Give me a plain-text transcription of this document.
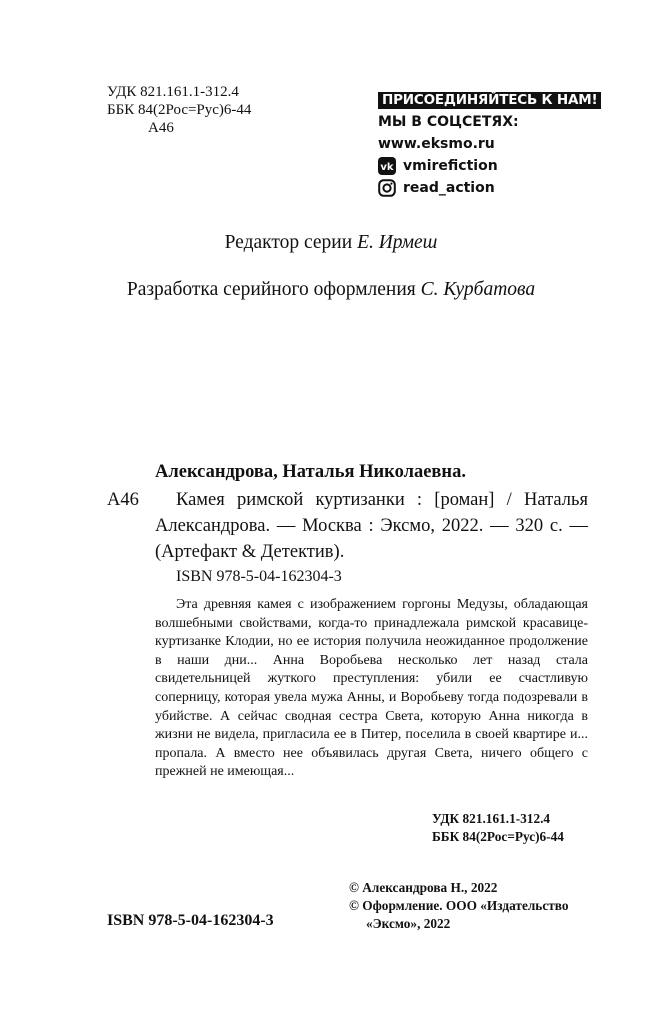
УДК 821.161.1-312.4
ББК 84(2Рос=Рус)6-44
А46
ПРИСОЕДИНЯЙТЕСЬ К НАМ!
МЫ В СОЦСЕТЯХ:
www.eksmo.ru
vk vmirefiction
read_action
Редактор серии Е. Ирмеш
Разработка серийного оформления С. Курбатова
Александрова, Наталья Николаевна.
А46	Камея римской куртизанки : [роман] / Наталья Александрова. — Москва : Эксмо, 2022. — 320 с. — (Артефакт & Детектив).
ISBN 978-5-04-162304-3
Эта древняя камея с изображением горгоны Медузы, обладающая волшебными свойствами, когда-то принадлежала римской красавице-куртизанке Клодии, но ее история получила неожиданное продолжение в наши дни... Анна Воробьева несколько лет назад стала свидетельницей жуткого преступления: убили ее счастливую соперницу, которая увела мужа Анны, и Воробьеву тогда подозревали в убийстве. А сейчас сводная сестра Света, которую Анна никогда в жизни не видела, пригласила ее в Питер, поселила в своей квартире и... пропала. А вместо нее объявилась другая Света, ничего общего с прежней не имеющая...
УДК 821.161.1-312.4
ББК 84(2Рос=Рус)6-44
© Александрова Н., 2022
© Оформление. ООО «Издательство
«Эксмо», 2022
ISBN 978-5-04-162304-3
